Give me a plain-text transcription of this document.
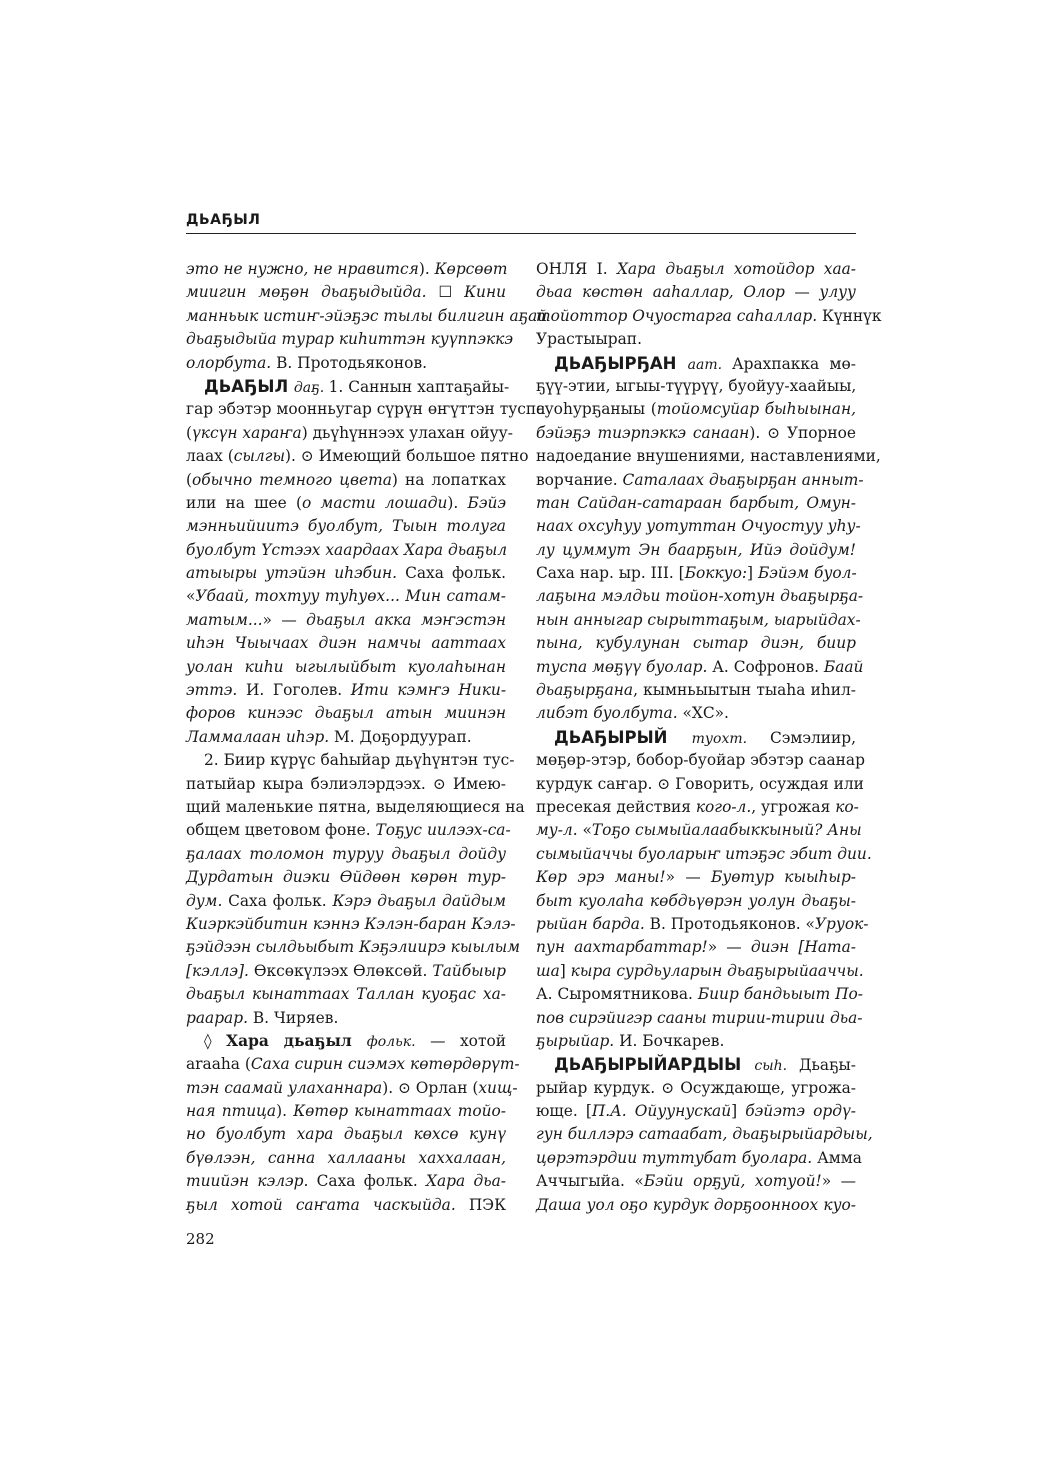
ДЬАҔЫЛ
это не нужно, не нравится). Көрсөөт
миигин мөҕөн дьаҕыдыйда. ☐ Кини
манньык истиҥ-эйэҕэс тылы билигин аҕай
дьаҕыдыйа турар киһиттэн куүппэккэ
олорбута. В. Протодьяконов.
ДЬАҔЫЛ даҕ. 1. Саннын хаптаҕайы-
гар эбэтэр моонньугар сүрүн өҥүттэн туспа
(үксүн хараҥа) дьүһүннээх улахан ойуу-
лаах (сылгы). ⊙ Имеющий большое пятно
(обычно темного цвета) на лопатках
или на шее (о масти лошади). Бэйэ
мэнньийиитэ буолбут, Тыын толуга
буолбут Үстээх хаардаах Хара дьаҕыл
атыыры утэйэн иһэбин. Саха фольк.
«Убаай, тохтуу туһуөх... Мин сатам-
матым...» — дьаҕыл акка мэҥэстэн
иһэн Чыычаах диэн намчы ааттаах
уолан киһи ыгылыйбыт куолаһынан
эттэ. И. Гоголев. Ити кэмҥэ Ники-
форов кинээс дьаҕыл атын миинэн
Ламмалаан иһэр. М. Доҕордуурап.
2. Биир күрүс баһыйар дьүһүнтэн тус-
патыйар кыра бэлиэлэрдээх. ⊙ Имею-
щий маленькие пятна, выделяющиеся на
общем цветовом фоне. Тоҕус иилээх-са-
ҕалаах толомон туруу дьаҕыл дойду
Дурдатын диэки Өйдөөн көрөн тур-
дум. Саха фольк. Кэрэ дьаҕыл дайдым
Киэркэйбитин кэннэ Кэлэн-баран Кэлэ-
ҕэйдээн сылдьыбыт Кэҕэлиирэ кыылым
[кэллэ]. Өксөкүлээх Өлөксөй. Тайбыыр
дьаҕыл кынаттаах Таллан куоҕас ха-
раарар. В. Чиряев.
◊ Хара дьаҕыл фольк. — хотой
araaһа (Саха сирин сиэмэх көтөрдөрүт-
тэн саамай улаханнара). ⊙ Орлан (хищ-
ная птица). Көтөр кынаттаах тойо-
но буолбут хара дьаҕыл көхсө кунү
бүөлээн, санна халлааны хаххалаан,
тиийэн кэлэр. Саха фольк. Хара дьа-
ҕыл хотой саҥата часкыйда. ПЭК
ОНЛЯ I. Хара дьаҕыл хотойдор хаа-
дьаа көстөн ааһаллар, Олор — улуу
тойоттор Очуостарга саһаллар. Күннүк
Урастыырап.
ДЬАҔЫРҔАН аат. Арахпакка мө-
ҕүү-этии, ыгыы-түүрүү, буойуу-хаайыы,
суоһурҕаныы (тойомсуйар быһыынан,
бэйэҕэ тиэрпэккэ санаан). ⊙ Упорное
надоедание внушениями, наставлениями,
ворчание. Саталаах дьаҕырҕан анныт-
тан Сайдан-сатараан барбыт, Омун-
наах охсуһуу уотуттан Очуостуу уһу-
лу цуммут Эн баарҕын, Ийэ дойдум!
Саха нар. ыр. III. [Боккуо:] Бэйэм буол-
лаҕына мэлдьи тойон-хотун дьаҕырҕа-
нын анныгар сырыттаҕым, ыарыйдах-
пына, кубулунан сытар диэн, биир
туспа мөҕүү буолар. А. Софронов. Баай
дьаҕырҕана, кымньыытын тыаһа иһил-
либэт буолбута. «ХС».
ДЬАҔЫРЫЙ туохт. Сэмэлиир,
мөҕөр-этэр, бобор-буойар эбэтэр саанар
курдук саҥар. ⊙ Говорить, осуждая или
пресекая действия кого-л., угрожая ко-
му-л. «Тоҕо сымыйалаабыккыный? Аны
сымыйаччы буоларыҥ итэҕэс эбит дии.
Көр эрэ маны!» — Буөтур кыыһыр-
быт куолаһа көбдьүөрэн уолун дьаҕы-
рыйан барда. В. Протодьяконов. «Уруок-
пун аахтарбаттар!» — диэн [Ната-
ша] кыра сурдьуларын дьаҕырыйааччы.
А. Сыромятникова. Биир бандьыыт По-
пов сирэйигэр сааны тирии-тирии дьа-
ҕырыйар. И. Бочкарев.
ДЬАҔЫРЫЙАРДЫЫ сыһ. Дьаҕы-
рыйар курдук. ⊙ Осуждающе, угрожа-
юще. [П.А. Ойуунускай] бэйэтэ ордү-
гун биллэрэ сатаабат, дьаҕырыйардыы,
цөрэтэрдии туттубат буолара. Амма
Аччыгыйа. «Бэйи орҕуй, хотуой!» —
Даша уол оҕо курдук дорҕоонноох куо-
282
